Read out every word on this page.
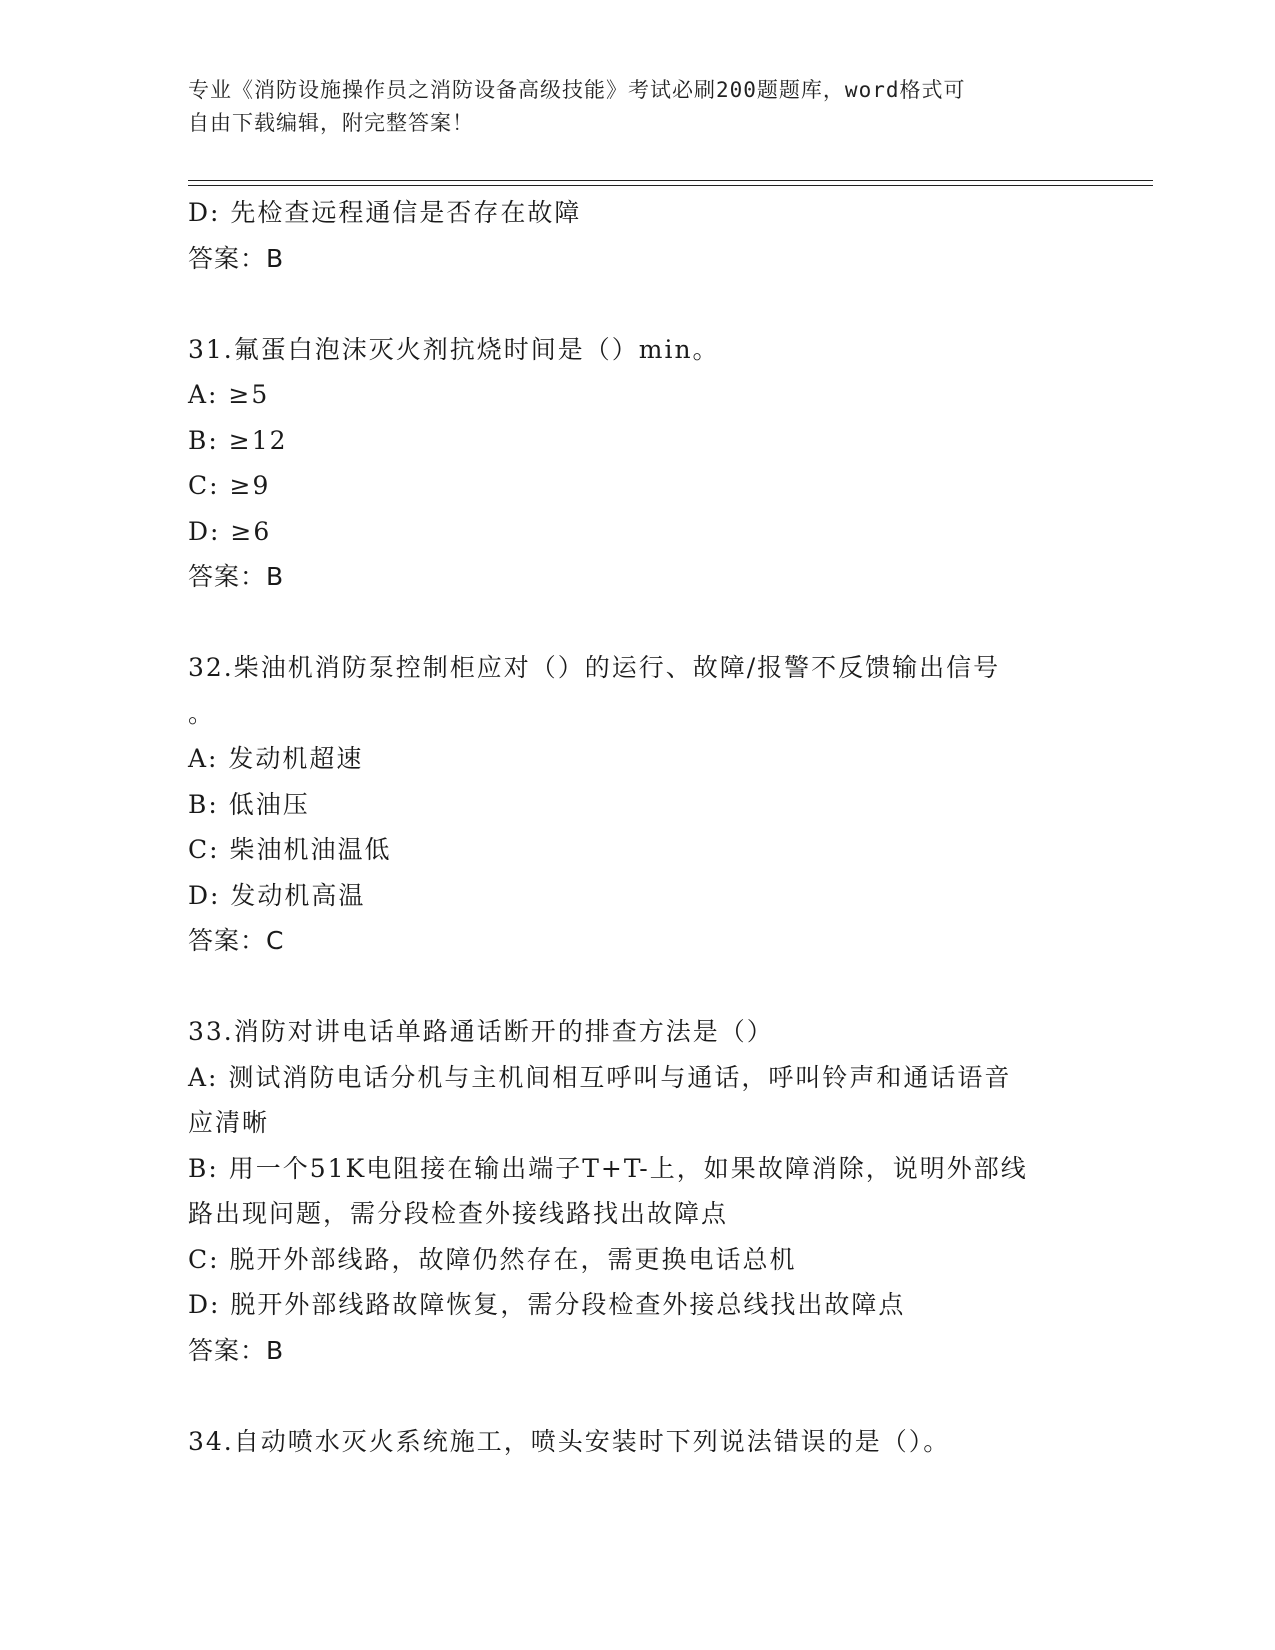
专业《消防设施操作员之消防设备高级技能》考试必刷200题题库，word格式可
自由下载编辑，附完整答案！
D: 先检查远程通信是否存在故障
答案：B
31.氟蛋白泡沫灭火剂抗烧时间是（）min。
A: ≥5
B: ≥12
C: ≥9
D: ≥6
答案：B
32.柴油机消防泵控制柜应对（）的运行、故障/报警不反馈输出信号
。
A: 发动机超速
B: 低油压
C: 柴油机油温低
D: 发动机高温
答案：C
33.消防对讲电话单路通话断开的排查方法是（）
A: 测试消防电话分机与主机间相互呼叫与通话，呼叫铃声和通话语音
应清晰
B: 用一个51K电阻接在输出端子T+T-上，如果故障消除，说明外部线
路出现问题，需分段检查外接线路找出故障点
C: 脱开外部线路，故障仍然存在，需更换电话总机
D: 脱开外部线路故障恢复，需分段检查外接总线找出故障点
答案：B
34.自动喷水灭火系统施工，喷头安装时下列说法错误的是（）。
